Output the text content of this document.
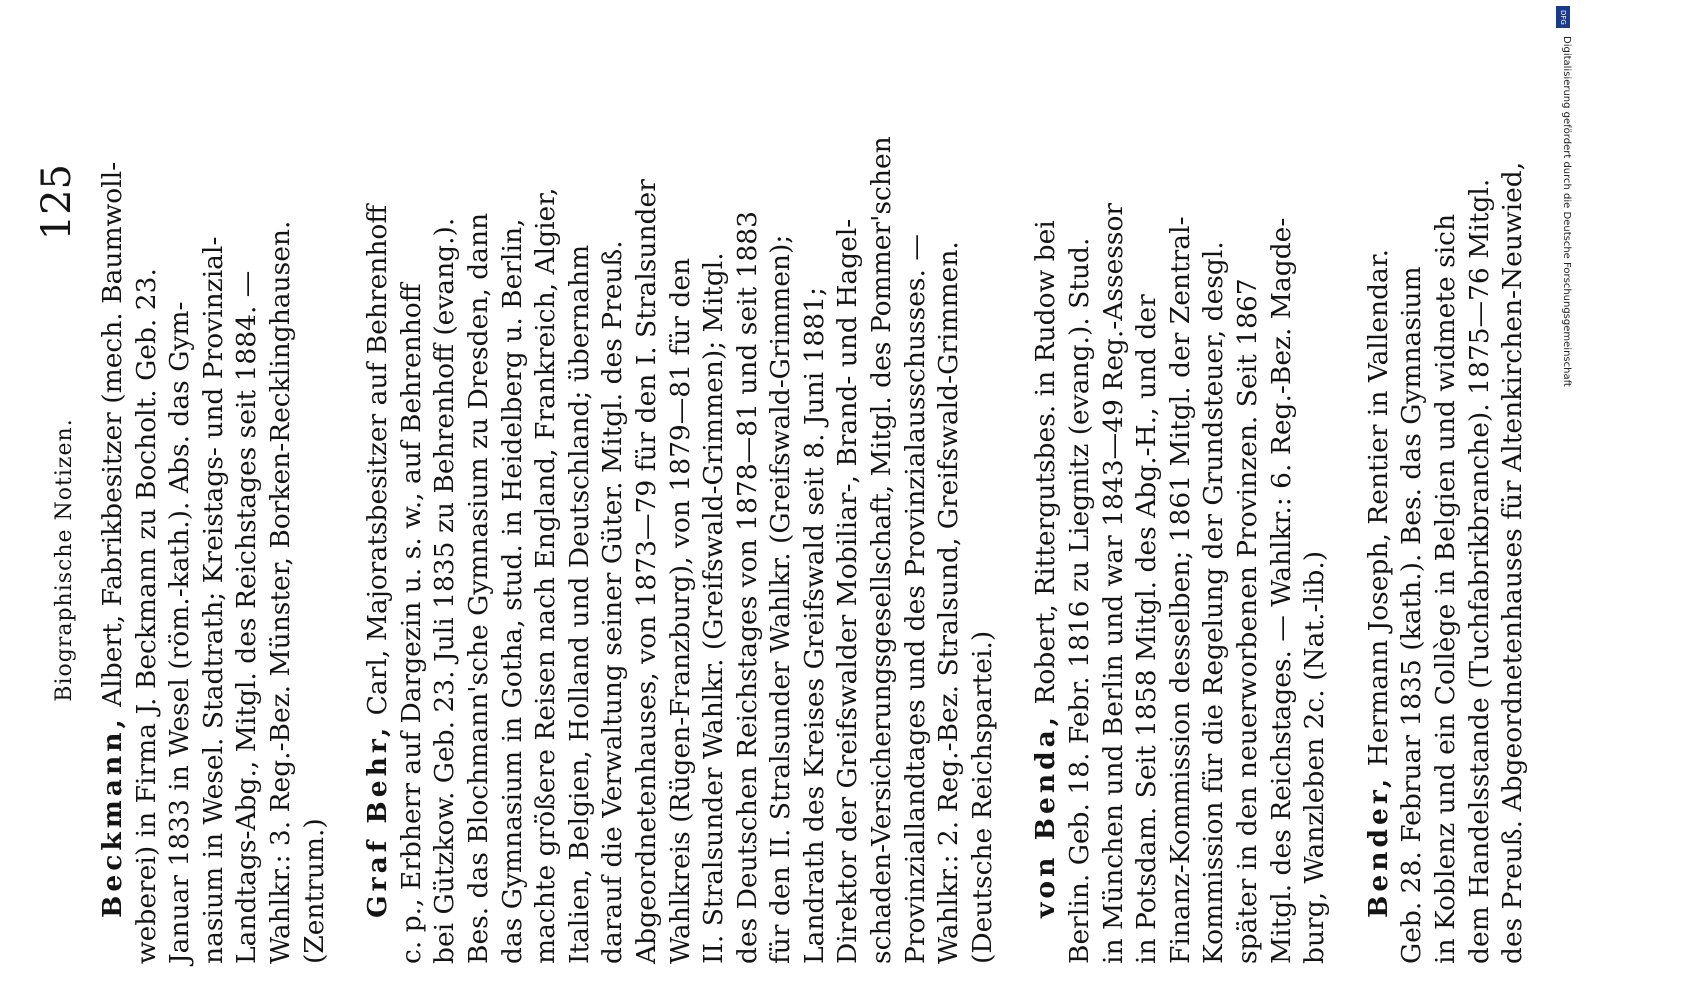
Biographische Notizen.
125
Beckmann, Albert, Fabrikbesitzer (mech. Baumwoll- weberei) in Firma J. Beckmann zu Bocholt. Geb. 23. Januar 1833 in Wesel (röm.-kath.). Abs. das Gym- nasium in Wesel. Stadtrath; Kreistags- und Provinzial- Landtags-Abg., Mitgl. des Reichstages seit 1884. — Wahlkr.: 3. Reg.-Bez. Münster, Borken-Recklinghausen. (Zentrum.) Graf Behr, Carl, Majoratsbesitzer auf Behrenhoff c. p., Erbherr auf Dargezin u. s. w., auf Behrenhoff bei Gützkow. Geb. 23. Juli 1835 zu Behrenhoff (evang.). Bes. das Blochmann'sche Gymnasium zu Dresden, dann das Gymnasium in Gotha, stud. in Heidelberg u. Berlin, machte größere Reisen nach England, Frankreich, Algier, Italien, Belgien, Holland und Deutschland; übernahm darauf die Verwaltung seiner Güter. Mitgl. des Preuß. Abgeordnetenhauses, von 1873—79 für den I. Stralsunder Wahlkreis (Rügen-Franzburg), von 1879—81 für den II. Stralsunder Wahlkr. (Greifswald-Grimmen); Mitgl. des Deutschen Reichstages von 1878—81 und seit 1883 für den II. Stralsunder Wahlkr. (Greifswald-Grimmen); Landrath des Kreises Greifswald seit 8. Juni 1881; Direktor der Greifswalder Mobiliar-, Brand- und Hagel- schaden-Versicherungsgesellschaft, Mitgl. des Pommer'schen Provinziallandtages und des Provinzialausschusses. — Wahlkr.: 2. Reg.-Bez. Stralsund, Greifswald-Grimmen. (Deutsche Reichspartei.) von Benda, Robert, Rittergutsbes. in Rudow bei Berlin. Geb. 18. Febr. 1816 zu Liegnitz (evang.). Stud. in München und Berlin und war 1843—49 Reg.-Assessor in Potsdam. Seit 1858 Mitgl. des Abg.-H., und der Finanz-Kommission desselben; 1861 Mitgl. der Zentral- Kommission für die Regelung der Grundsteuer, desgl. später in den neuerworbenen Provinzen. Seit 1867 Mitgl. des Reichstages. — Wahlkr.: 6. Reg.-Bez. Magde- burg, Wanzleben 2c. (Nat.-lib.) Bender, Hermann Joseph, Rentier in Vallendar. Geb. 28. Februar 1835 (kath.). Bes. das Gymnasium in Koblenz und ein Collège in Belgien und widmete sich dem Handelsstande (Tuchfabrikbranche). 1875—76 Mitgl. des Preuß. Abgeordnetenhauses für Altenkirchen-Neuwied,
DFG
Digitalisierung gefördert durch die Deutsche Forschungsgemeinschaft
